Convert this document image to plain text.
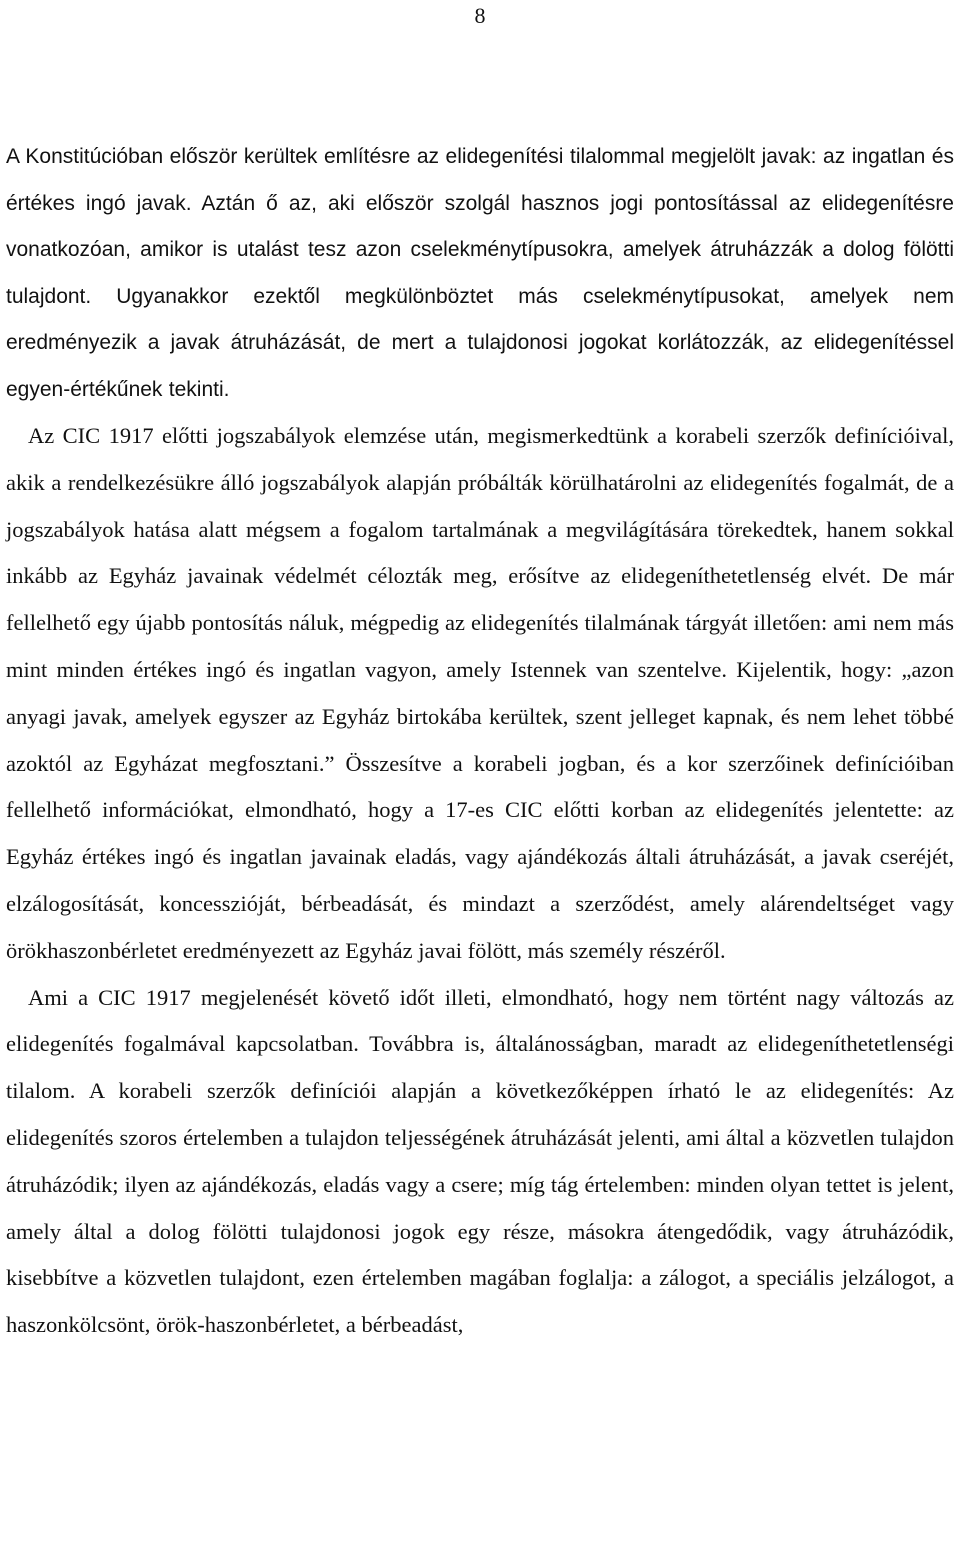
8

A Konstitúcióban először kerültek említésre az elidegenítési tilalommal megjelölt javak: az ingatlan és értékes ingó javak. Aztán ő az, aki először szolgál hasznos jogi pontosítással az elidegenítésre vonatkozóan, amikor is utalást tesz azon cselekménytípusokra, amelyek átruházzák a dolog fölötti tulajdont. Ugyanakkor ezektől megkülönböztet más cselekménytípusokat, amelyek nem eredményezik a javak átruházását, de mert a tulajdonosi jogokat korlátozzák, az elidegenítéssel egyen-értékűnek tekinti.

Az CIC 1917 előtti jogszabályok elemzése után, megismerkedtünk a korabeli szerzők definícióival, akik a rendelkezésükre álló jogszabályok alapján próbálták körülhatárolni az elidegenítés fogalmát, de a jogszabályok hatása alatt mégsem a fogalom tartalmának a megvilágítására törekedtek, hanem sokkal inkább az Egyház javainak védelmét célozták meg, erősítve az elidegeníthetetlenség elvét. De már fellelhető egy újabb pontosítás náluk, mégpedig az elidegenítés tilalmának tárgyát illetően: ami nem más mint minden értékes ingó és ingatlan vagyon, amely Istennek van szentelve. Kijelentik, hogy: „azon anyagi javak, amelyek egyszer az Egyház birtokába kerültek, szent jelleget kapnak, és nem lehet többé azoktól az Egyházat megfosztani.” Összesítve a korabeli jogban, és a kor szerzőinek definícióiban fellelhető információkat, elmondható, hogy a 17-es CIC előtti korban az elidegenítés jelentette: az Egyház értékes ingó és ingatlan javainak eladás, vagy ajándékozás általi átruházását, a javak cseréjét, elzálogosítását, koncesszióját, bérbeadását, és mindazt a szerződést, amely alárendeltséget vagy örökhaszonbérletet eredményezett az Egyház javai fölött, más személy részéről.

Ami a CIC 1917 megjelenését követő időt illeti, elmondható, hogy nem történt nagy változás az elidegenítés fogalmával kapcsolatban. Továbbra is, általánosságban, maradt az elidegeníthetetlenségi tilalom. A korabeli szerzők definíciói alapján a következőképpen írható le az elidegenítés: Az elidegenítés szoros értelemben a tulajdon teljességének átruházását jelenti, ami által a közvetlen tulajdon átruházódik; ilyen az ajándékozás, eladás vagy a csere; míg tág értelemben: minden olyan tettet is jelent, amely által a dolog fölötti tulajdonosi jogok egy része, másokra átengedődik, vagy átruházódik, kisebbítve a közvetlen tulajdont, ezen értelemben magában foglalja: a zálogot, a speciális jelzálogot, a haszonkölcsönt, örök-haszonbérletet, a bérbeadást,
